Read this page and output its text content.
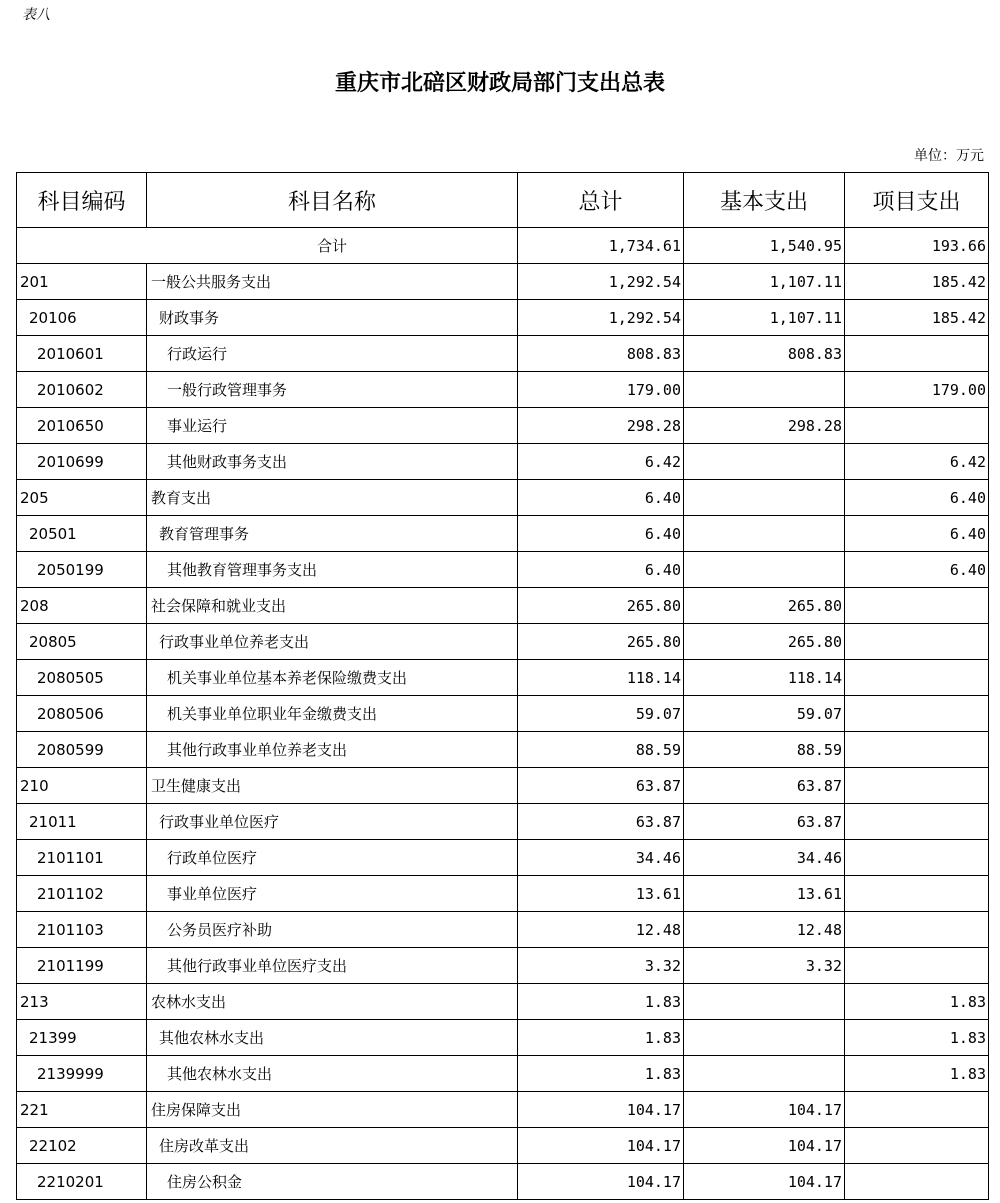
表八
重庆市北碚区财政局部门支出总表
单位：万元
科目编码	科目名称	总计	基本支出	项目支出
合计		1,734.61	1,540.95	193.66
201	一般公共服务支出	1,292.54	1,107.11	185.42
20106	财政事务	1,292.54	1,107.11	185.42
2010601	行政运行	808.83	808.83	
2010602	一般行政管理事务	179.00		179.00
2010650	事业运行	298.28	298.28	
2010699	其他财政事务支出	6.42		6.42
205	教育支出	6.40		6.40
20501	教育管理事务	6.40		6.40
2050199	其他教育管理事务支出	6.40		6.40
208	社会保障和就业支出	265.80	265.80	
20805	行政事业单位养老支出	265.80	265.80	
2080505	机关事业单位基本养老保险缴费支出	118.14	118.14	
2080506	机关事业单位职业年金缴费支出	59.07	59.07	
2080599	其他行政事业单位养老支出	88.59	88.59	
210	卫生健康支出	63.87	63.87	
21011	行政事业单位医疗	63.87	63.87	
2101101	行政单位医疗	34.46	34.46	
2101102	事业单位医疗	13.61	13.61	
2101103	公务员医疗补助	12.48	12.48	
2101199	其他行政事业单位医疗支出	3.32	3.32	
213	农林水支出	1.83		1.83
21399	其他农林水支出	1.83		1.83
2139999	其他农林水支出	1.83		1.83
221	住房保障支出	104.17	104.17	
22102	住房改革支出	104.17	104.17	
2210201	住房公积金	104.17	104.17	
